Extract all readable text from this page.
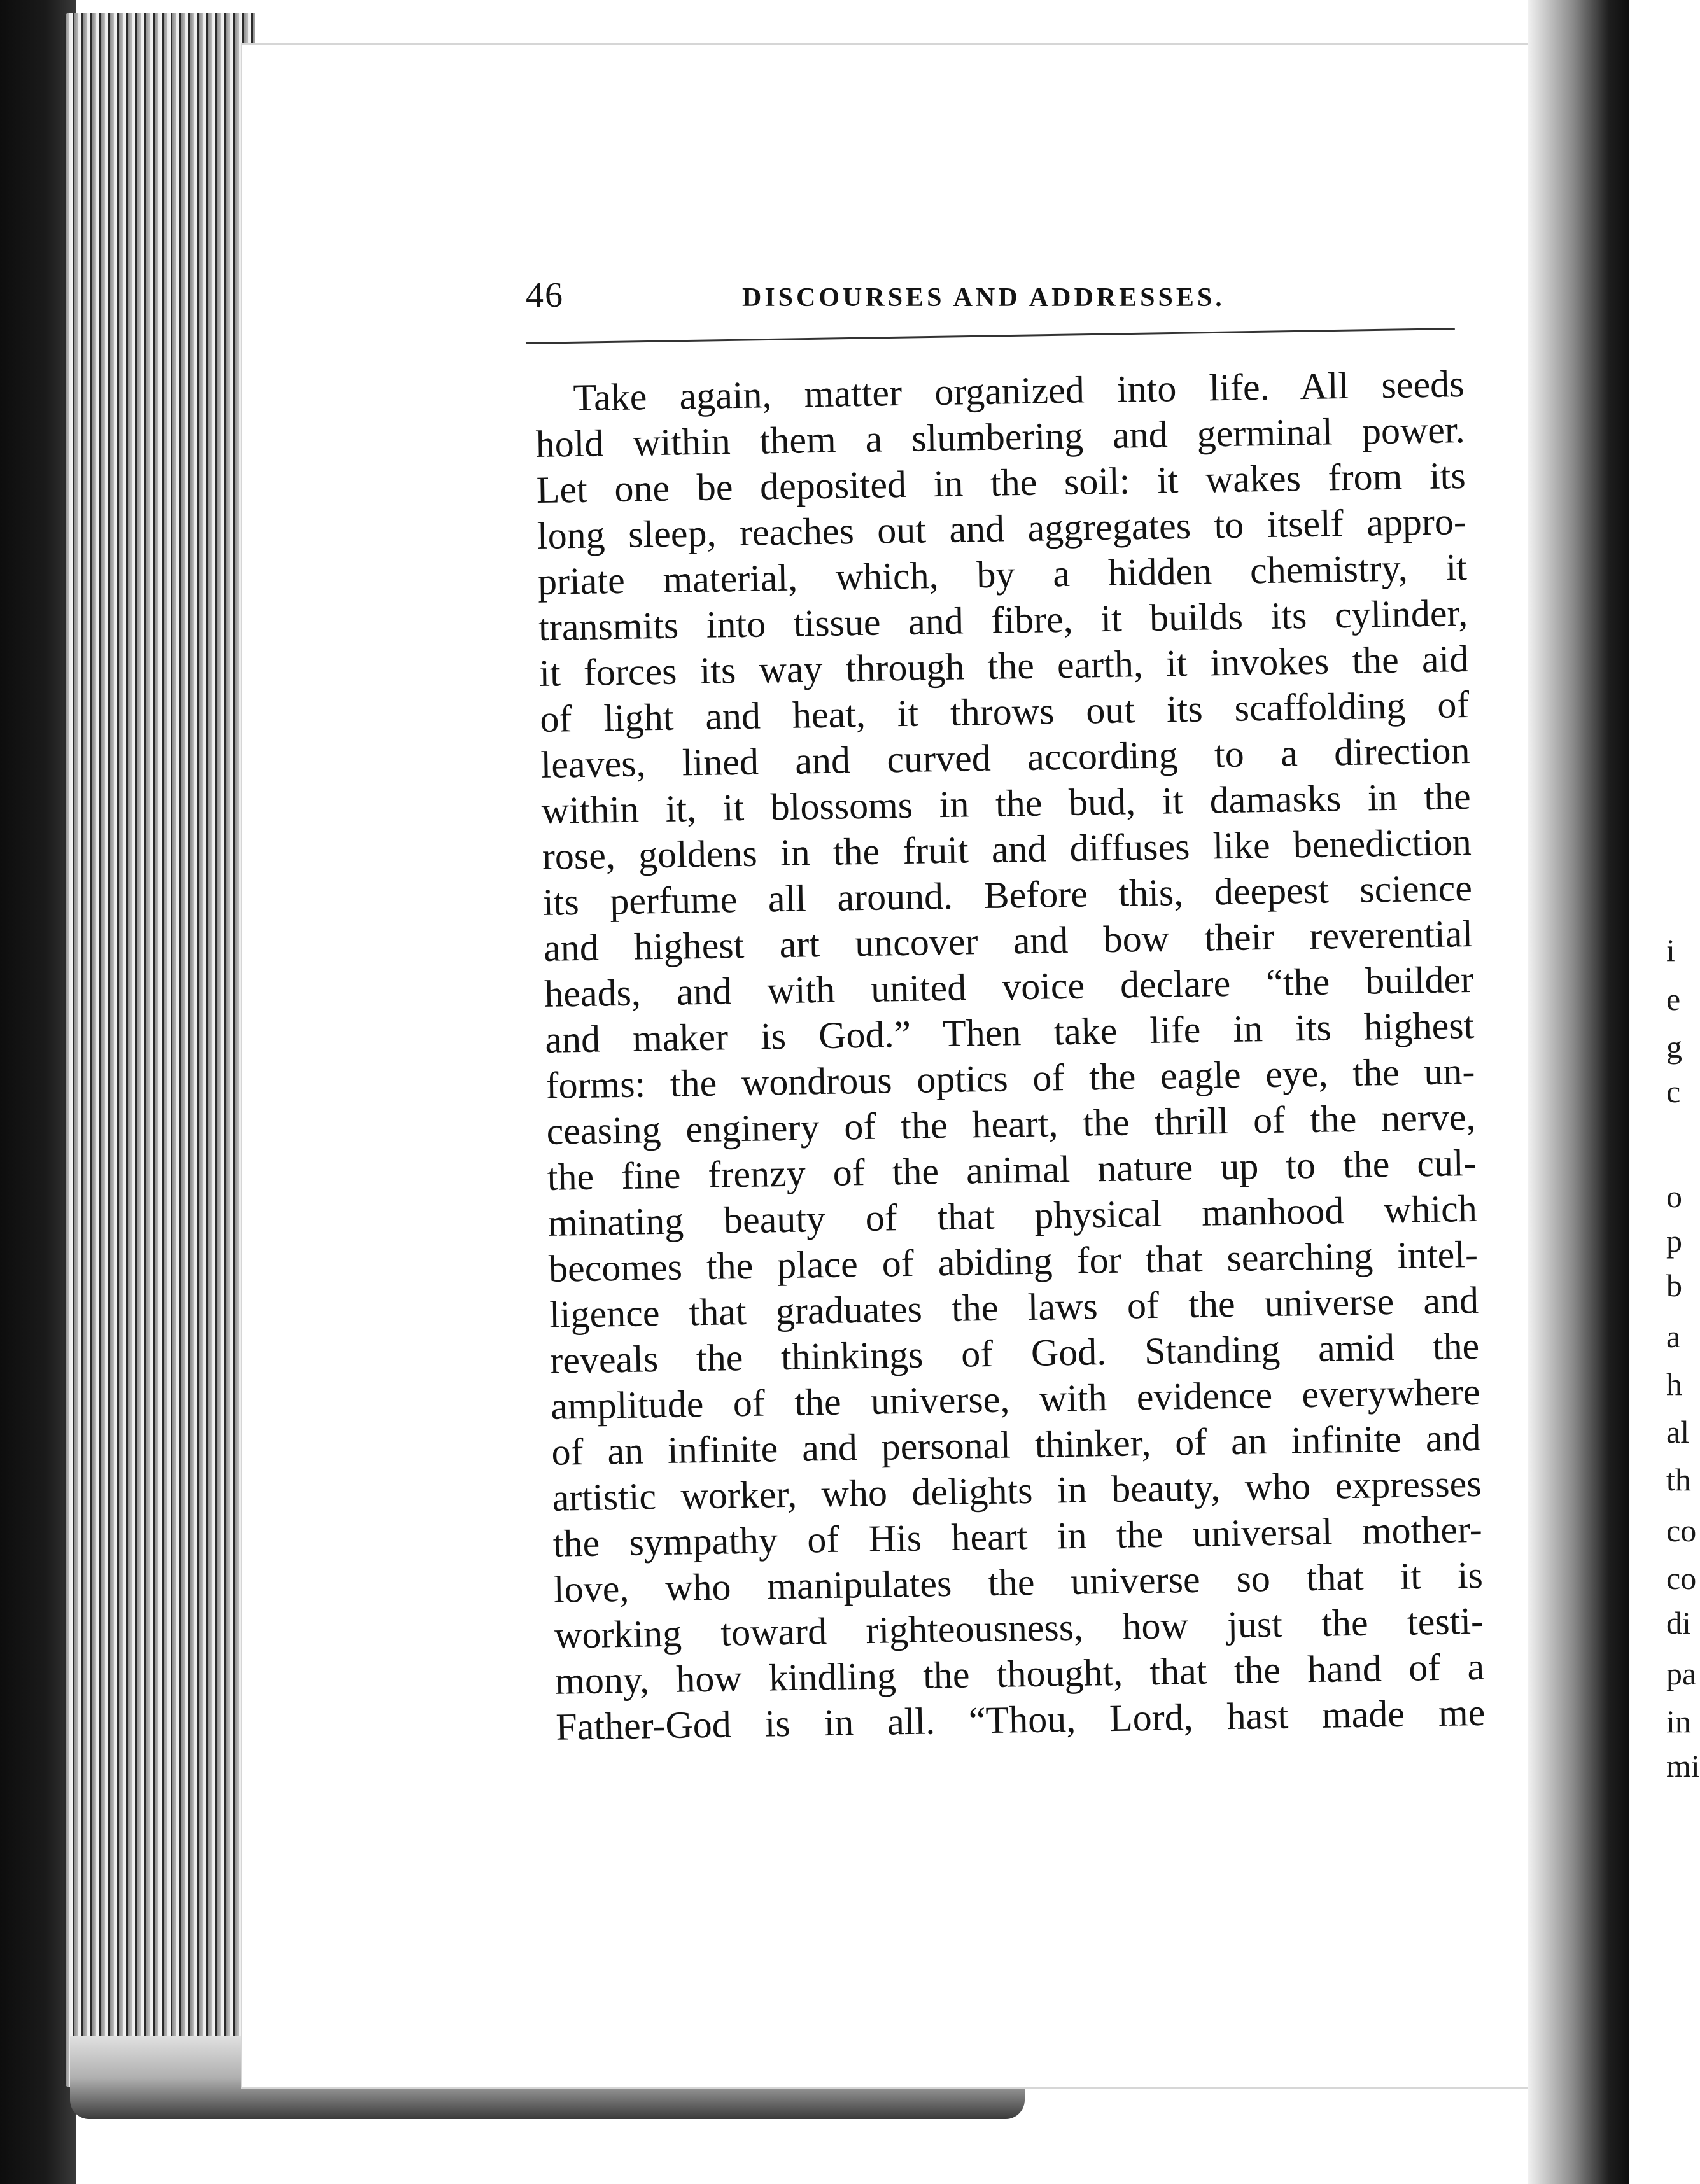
46	DISCOURSES AND ADDRESSES.
Take again, matter organized into life. All seeds
hold within them a slumbering and germinal power.
Let one be deposited in the soil: it wakes from its
long sleep, reaches out and aggregates to itself appro-
priate material, which, by a hidden chemistry, it
transmits into tissue and fibre, it builds its cylinder,
it forces its way through the earth, it invokes the aid
of light and heat, it throws out its scaffolding of
leaves, lined and curved according to a direction
within it, it blossoms in the bud, it damasks in the
rose, goldens in the fruit and diffuses like benediction
its perfume all around. Before this, deepest science
and highest art uncover and bow their reverential
heads, and with united voice declare “the builder
and maker is God.” Then take life in its highest
forms: the wondrous optics of the eagle eye, the un-
ceasing enginery of the heart, the thrill of the nerve,
the fine frenzy of the animal nature up to the cul-
minating beauty of that physical manhood which
becomes the place of abiding for that searching intel-
ligence that graduates the laws of the universe and
reveals the thinkings of God. Standing amid the
amplitude of the universe, with evidence everywhere
of an infinite and personal thinker, of an infinite and
artistic worker, who delights in beauty, who expresses
the sympathy of His heart in the universal mother-
love, who manipulates the universe so that it is
working toward righteousness, how just the testi-
mony, how kindling the thought, that the hand of a
Father-God is in all. “Thou, Lord, hast made me
i
e
g
c
o
p
b
a
h
al
th
co
co
di
pa
in
mi
